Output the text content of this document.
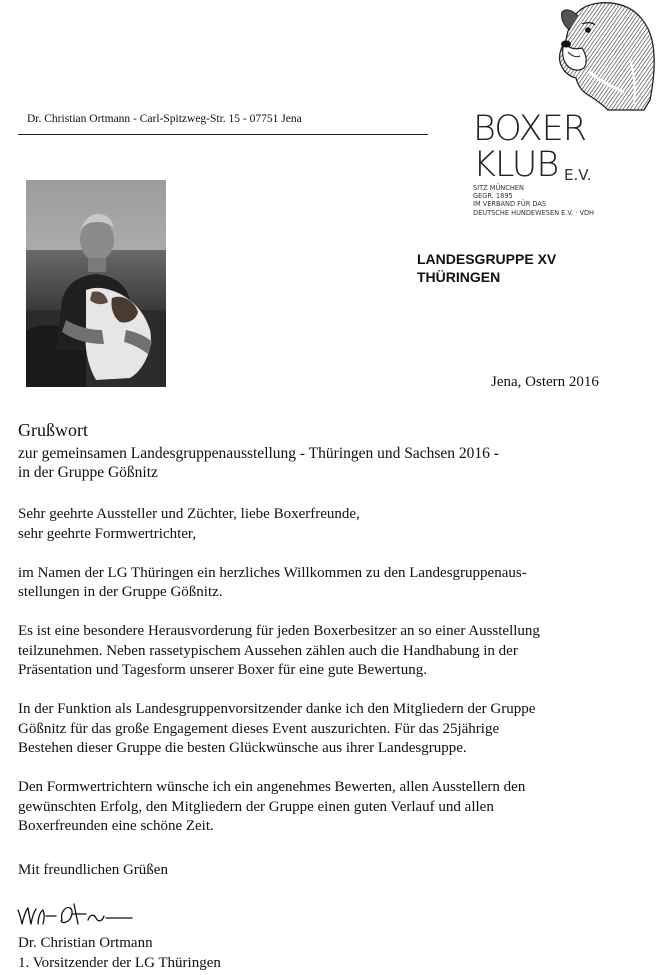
Dr. Christian Ortmann - Carl-Spitzweg-Str. 15 - 07751 Jena	BOXER
KLUB E.V.
SITZ MÜNCHEN
GEGR. 1895
IM VERBAND FÜR DAS
DEUTSCHE HUNDEWESEN E.V. · VDH
LANDESGRUPPE XV
THÜRINGEN
Jena, Ostern 2016
Grußwort
zur gemeinsamen Landesgruppenausstellung - Thüringen und Sachsen 2016 -
in der Gruppe Gößnitz

Sehr geehrte Aussteller und Züchter, liebe Boxerfreunde,
sehr geehrte Formwertrichter,

im Namen der LG Thüringen ein herzliches Willkommen zu den Landesgruppenaus-
stellungen in der Gruppe Gößnitz.

Es ist eine besondere Herausvorderung für jeden Boxerbesitzer an so einer Ausstellung
teilzunehmen. Neben rassetypischem Aussehen zählen auch die Handhabung in der
Präsentation und Tagesform unserer Boxer für eine gute Bewertung.

In der Funktion als Landesgruppenvorsitzender danke ich den Mitgliedern der Gruppe
Gößnitz für das große Engagement dieses Event auszurichten. Für das 25jährige
Bestehen dieser Gruppe die besten Glückwünsche aus ihrer Landesgruppe.

Den Formwertrichtern wünsche ich ein angenehmes Bewerten, allen Ausstellern den
gewünschten Erfolg, den Mitgliedern der Gruppe einen guten Verlauf und allen
Boxerfreunden eine schöne Zeit.

Mit freundlichen Grüßen
Dr. Christian Ortmann
1. Vorsitzender der LG Thüringen
